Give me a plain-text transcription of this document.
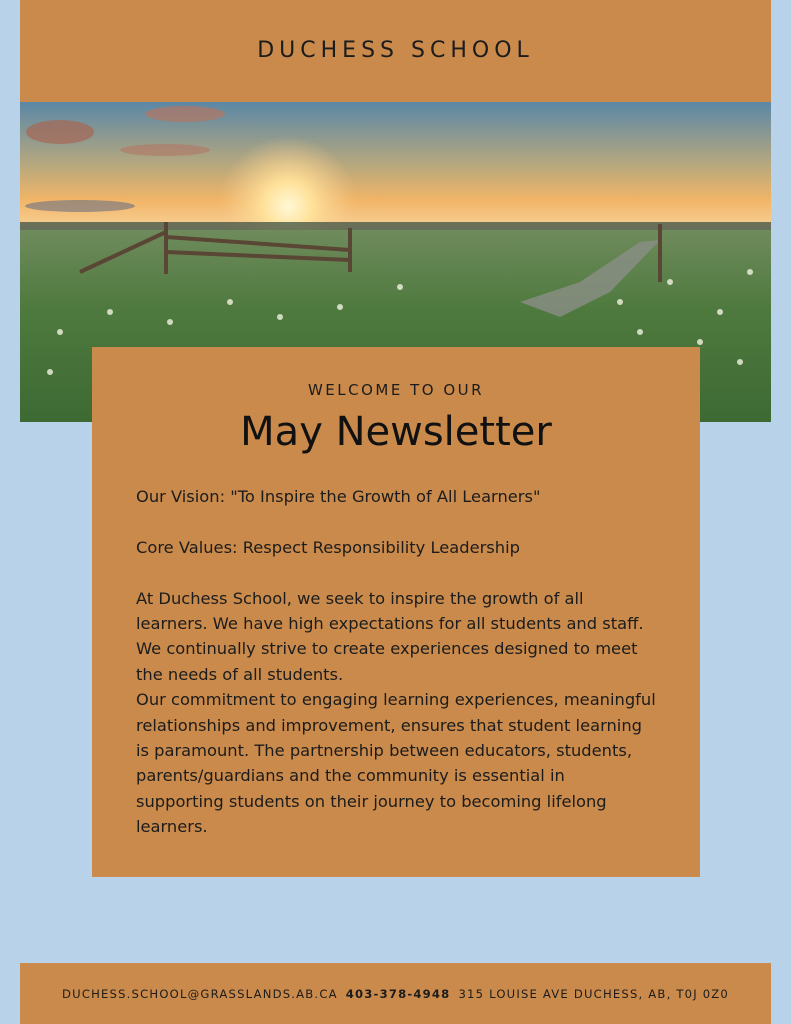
DUCHESS SCHOOL
WELCOME TO OUR
May Newsletter

Our Vision: "To Inspire the Growth of All Learners"

Core Values: Respect Responsibility Leadership

At Duchess School, we seek to inspire the growth of all learners. We have high expectations for all students and staff. We continually strive to create experiences designed to meet the needs of all students.

Our commitment to engaging learning experiences, meaningful relationships and improvement, ensures that student learning is paramount. The partnership between educators, students, parents/guardians and the community is essential in supporting students on their journey to becoming lifelong learners.

DUCHESS.SCHOOL@GRASSLANDS.AB.CA 403-378-4948 315 LOUISE AVE DUCHESS, AB, T0J 0Z0
